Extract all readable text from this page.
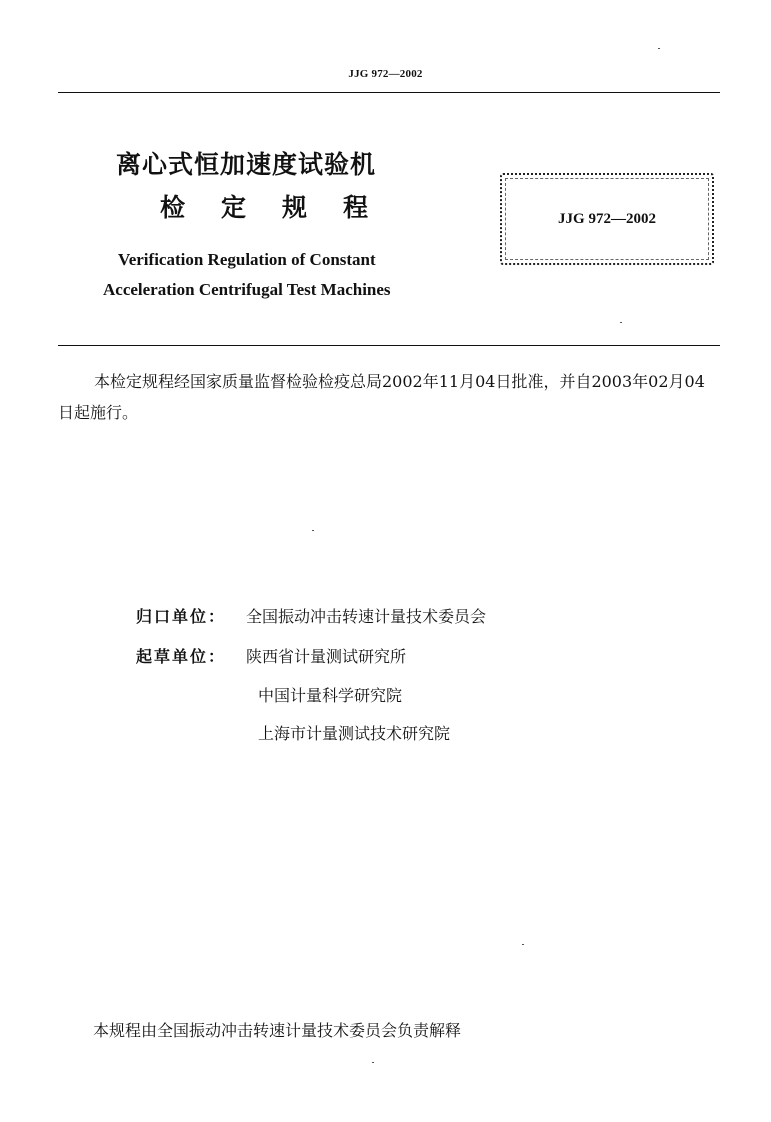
JJG 972—2002
离心式恒加速度试验机
检定规程
Verification Regulation of Constant
Acceleration Centrifugal Test Machines
JJG 972—2002
本检定规程经国家质量监督检验检疫总局2002年11月04日批准，并自2003年02月04日起施行。
归口单位： 全国振动冲击转速计量技术委员会
起草单位： 陕西省计量测试研究所
中国计量科学研究院
上海市计量测试技术研究院
本规程由全国振动冲击转速计量技术委员会负责解释
